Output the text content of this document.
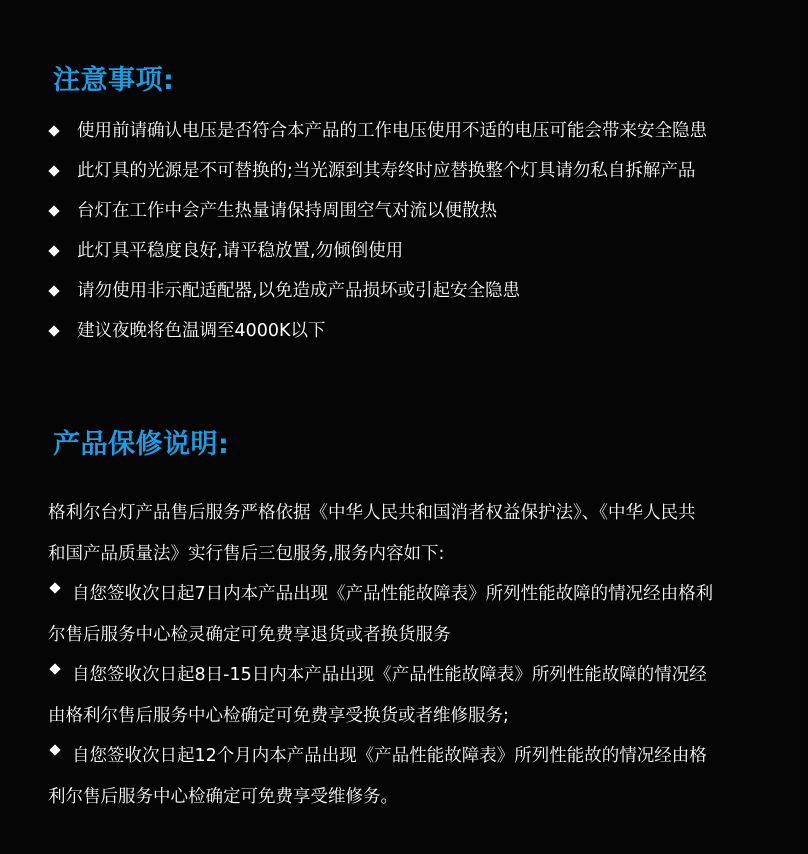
注意事项:
使用前请确认电压是否符合本产品的工作电压使用不适的电压可能会带来安全隐患
此灯具的光源是不可替换的;当光源到其寿终时应替换整个灯具请勿私自拆解产品
台灯在工作中会产生热量请保持周围空气对流以便散热
此灯具平稳度良好,请平稳放置,勿倾倒使用
请勿使用非示配适配器,以免造成产品损坏或引起安全隐患
建议夜晚将色温调至4000K以下
产品保修说明:

格利尔台灯产品售后服务严格依据《中华人民共和国消者权益保护法》、《中华人民共

和国产品质量法》实行售后三包服务,服务内容如下:

自您签收次日起7日内本产品出现《产品性能故障表》所列性能故障的情况经由格利

尔售后服务中心检灵确定可免费享退货或者换货服务

自您签收次日起8日-15日内本产品出现《产品性能故障表》所列性能故障的情况经

由格利尔售后服务中心检确定可免费享受换货或者维修服务;

自您签收次日起12个月内本产品出现《产品性能故障表》所列性能故的情况经由格

利尔售后服务中心检确定可免费享受维修务。
